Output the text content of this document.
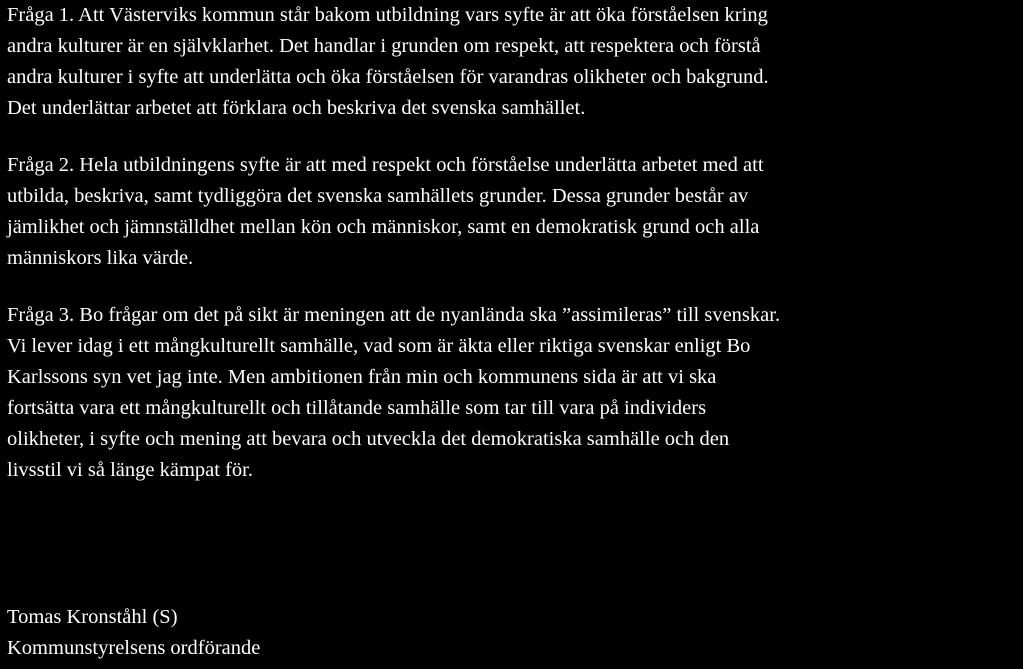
Fråga 1. Att Västerviks kommun står bakom utbildning vars syfte är att öka förståelsen kring
andra kulturer är en självklarhet. Det handlar i grunden om respekt, att respektera och förstå
andra kulturer i syfte att underlätta och öka förståelsen för varandras olikheter och bakgrund.
Det underlättar arbetet att förklara och beskriva det svenska samhället.

Fråga 2. Hela utbildningens syfte är att med respekt och förståelse underlätta arbetet med att
utbilda, beskriva, samt tydliggöra det svenska samhällets grunder. Dessa grunder består av
jämlikhet och jämnställdhet mellan kön och människor, samt en demokratisk grund och alla
människors lika värde.

Fråga 3. Bo frågar om det på sikt är meningen att de nyanlända ska ”assimileras” till svenskar.
Vi lever idag i ett mångkulturellt samhälle, vad som är äkta eller riktiga svenskar enligt Bo
Karlssons syn vet jag inte. Men ambitionen från min och kommunens sida är att vi ska
fortsätta vara ett mångkulturellt och tillåtande samhälle som tar till vara på individers
olikheter, i syfte och mening att bevara och utveckla det demokratiska samhälle och den
livsstil vi så länge kämpat för.

Tomas Kronståhl (S)
Kommunstyrelsens ordförande
